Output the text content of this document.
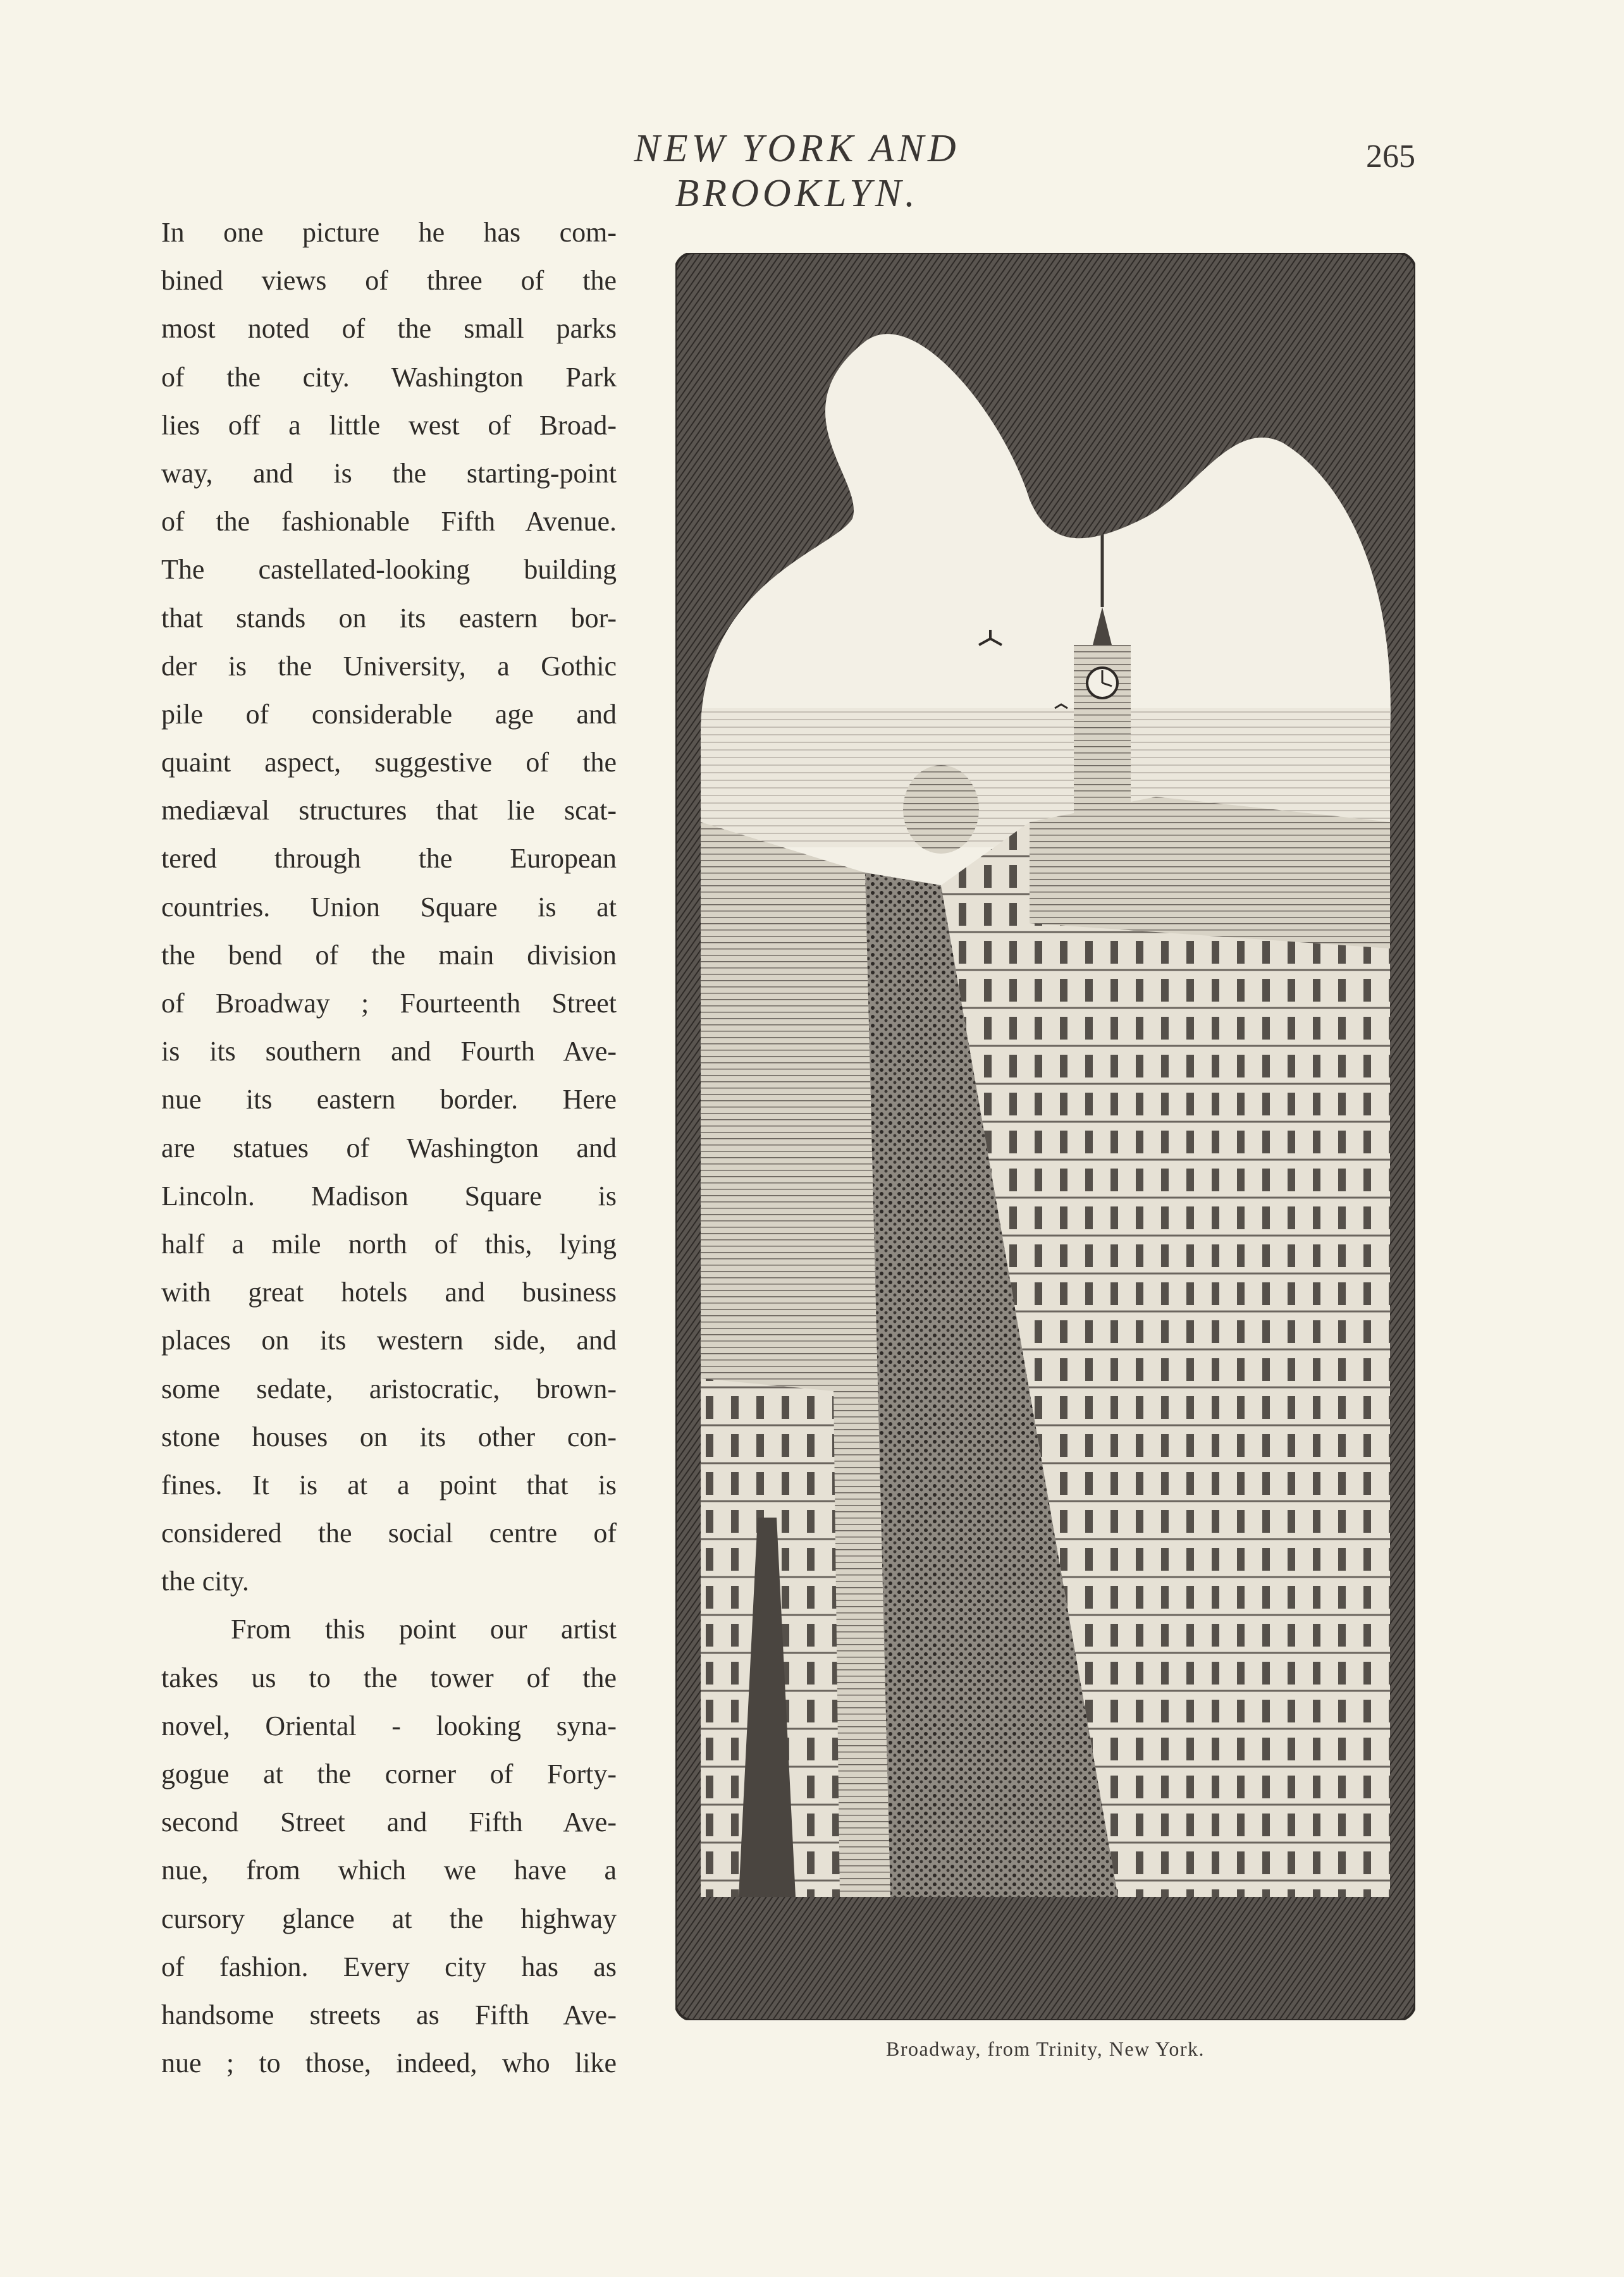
NEW YORK AND BROOKLYN.
265
In one picture he has com-
bined views of three of the
most noted of the small parks
of the city. Washington Park
lies off a little west of Broad-
way, and is the starting-point
of the fashionable Fifth Avenue.
The castellated-looking building
that stands on its eastern bor-
der is the University, a Gothic
pile of considerable age and
quaint aspect, suggestive of the
mediæval structures that lie scat-
tered through the European
countries. Union Square is at
the bend of the main division
of Broadway ; Fourteenth Street
is its southern and Fourth Ave-
nue its eastern border. Here
are statues of Washington and
Lincoln. Madison Square is
half a mile north of this, lying
with great hotels and business
places on its western side, and
some sedate, aristocratic, brown-
stone houses on its other con-
fines. It is at a point that is
considered the social centre of
the city.
From this point our artist
takes us to the tower of the
novel, Oriental - looking syna-
gogue at the corner of Forty-
second Street and Fifth Ave-
nue, from which we have a
cursory glance at the highway
of fashion. Every city has as
handsome streets as Fifth Ave-
nue ; to those, indeed, who like	Broadway, from Trinity, New York.
